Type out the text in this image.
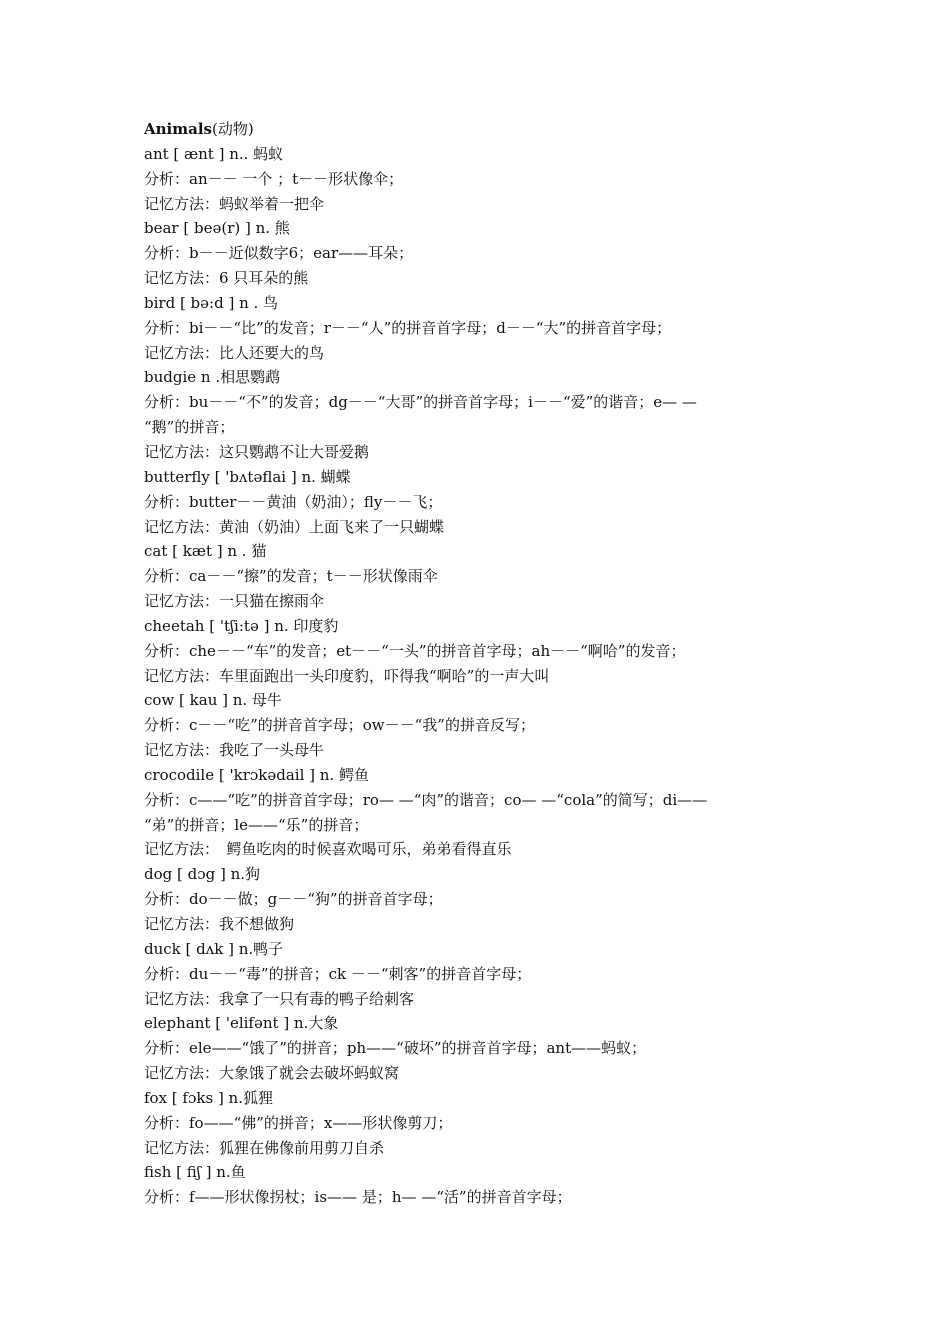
Animals(动物)
ant [ ænt ] n.. 蚂蚁
分析：an－－ 一个 ；t－－形状像伞；
记忆方法：蚂蚁举着一把伞
bear [ beə(r) ] n. 熊
分析：b－－近似数字6；ear——耳朵；
记忆方法：6 只耳朵的熊
bird [ bə:d ] n . 鸟
分析：bi－－“比”的发音；r－－“人”的拼音首字母；d－－“大”的拼音首字母；
记忆方法：比人还要大的鸟
budgie n .相思鹦鹉
分析：bu－－“不”的发音；dg－－“大哥”的拼音首字母；i－－“爱”的谐音；e— —
“鹅”的拼音；
记忆方法：这只鹦鹉不让大哥爱鹅
butterfly [ 'bʌtəflai ] n. 蝴蝶
分析：butter－－黄油（奶油）；fly－－飞；
记忆方法：黄油（奶油）上面飞来了一只蝴蝶
cat [ kæt ] n . 猫
分析：ca－－“擦”的发音；t－－形状像雨伞
记忆方法：一只猫在擦雨伞
cheetah [ 'tʃi:tə ] n. 印度豹
分析：che－－“车”的发音；et－－“一头”的拼音首字母；ah－－“啊哈”的发音；
记忆方法：车里面跑出一头印度豹，吓得我“啊哈”的一声大叫
cow [ kau ] n. 母牛
分析：c－－“吃”的拼音首字母；ow－－“我”的拼音反写；
记忆方法：我吃了一头母牛
crocodile [ 'krɔkədail ] n. 鳄鱼
分析：c——“吃”的拼音首字母；ro— —“肉”的谐音；co— —“cola”的简写；di——
“弟”的拼音；le——“乐”的拼音；
记忆方法：　鳄鱼吃肉的时候喜欢喝可乐，弟弟看得直乐
dog [ dɔg ] n.狗
分析：do－－做；g－－“狗”的拼音首字母；
记忆方法：我不想做狗
duck [ dʌk ] n.鸭子
分析：du－－“毒”的拼音；ck －－“刺客”的拼音首字母；
记忆方法：我拿了一只有毒的鸭子给刺客
elephant [ 'elifənt ] n.大象
分析：ele——“饿了”的拼音；ph——“破坏”的拼音首字母；ant——蚂蚁；
记忆方法：大象饿了就会去破坏蚂蚁窝
fox [ fɔks ] n.狐狸
分析：fo——“佛”的拼音；x——形状像剪刀；
记忆方法：狐狸在佛像前用剪刀自杀
fish [ fiʃ ] n.鱼
分析：f——形状像拐杖；is—— 是；h— —“活”的拼音首字母；
